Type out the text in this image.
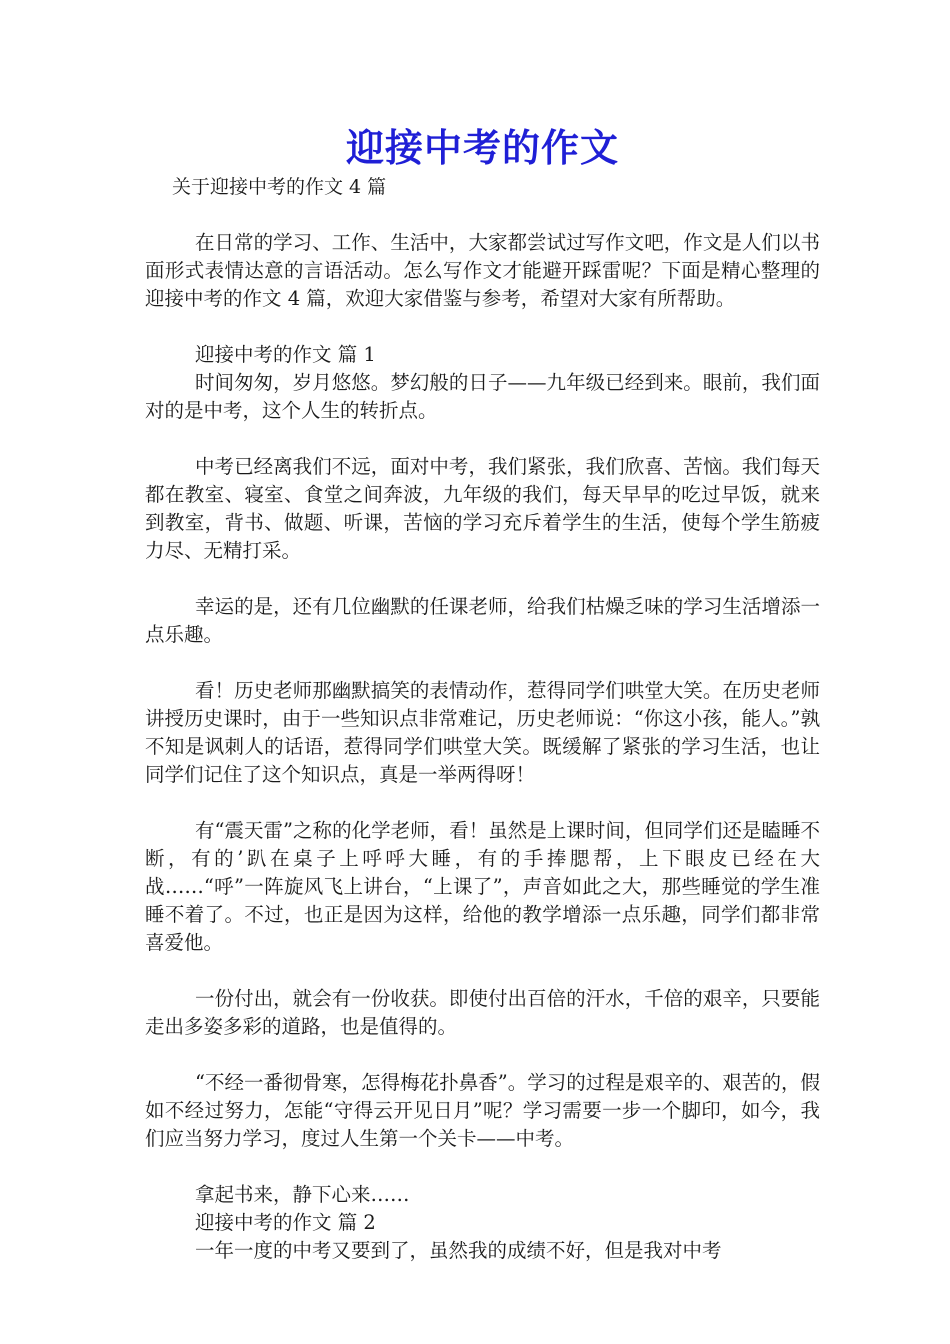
迎接中考的作文

关于迎接中考的作文 4 篇

在日常的学习、工作、生活中，大家都尝试过写作文吧，作文是人们以书面形式表情达意的言语活动。怎么写作文才能避开踩雷呢？下面是精心整理的迎接中考的作文 4 篇，欢迎大家借鉴与参考，希望对大家有所帮助。

迎接中考的作文 篇 1

时间匆匆，岁月悠悠。梦幻般的日子——九年级已经到来。眼前，我们面对的是中考，这个人生的转折点。

中考已经离我们不远，面对中考，我们紧张，我们欣喜、苦恼。我们每天都在教室、寝室、食堂之间奔波，九年级的我们，每天早早的吃过早饭，就来到教室，背书、做题、听课，苦恼的学习充斥着学生的生活，使每个学生筋疲力尽、无精打采。

幸运的是，还有几位幽默的任课老师，给我们枯燥乏味的学习生活增添一点乐趣。

看！历史老师那幽默搞笑的表情动作，惹得同学们哄堂大笑。在历史老师讲授历史课时，由于一些知识点非常难记，历史老师说：“你这小孩，能人。”孰不知是讽刺人的话语，惹得同学们哄堂大笑。既缓解了紧张的学习生活，也让同学们记住了这个知识点，真是一举两得呀！

有“震天雷”之称的化学老师，看！虽然是上课时间，但同学们还是瞌睡不断，有的’趴在桌子上呼呼大睡，有的手捧腮帮，上下眼皮已经在大战……“呼”一阵旋风飞上讲台，“上课了”，声音如此之大，那些睡觉的学生准睡不着了。不过，也正是因为这样，给他的教学增添一点乐趣，同学们都非常喜爱他。

一份付出，就会有一份收获。即使付出百倍的汗水，千倍的艰辛，只要能走出多姿多彩的道路，也是值得的。

“不经一番彻骨寒，怎得梅花扑鼻香”。学习的过程是艰辛的、艰苦的，假如不经过努力，怎能“守得云开见日月”呢？学习需要一步一个脚印，如今，我们应当努力学习，度过人生第一个关卡——中考。

拿起书来，静下心来……

迎接中考的作文 篇 2

一年一度的中考又要到了，虽然我的成绩不好，但是我对中考
